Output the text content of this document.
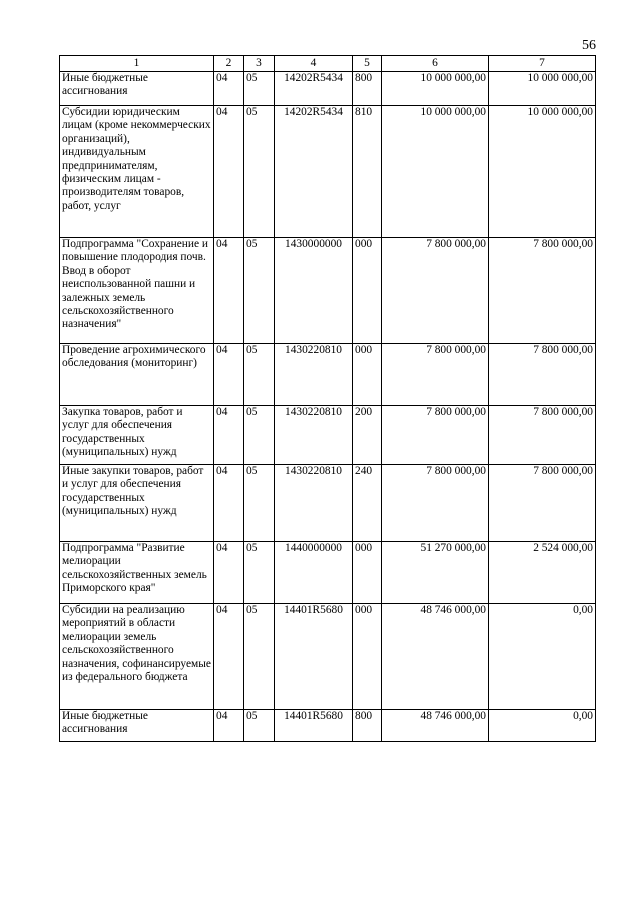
56
1	2	3	4	5	6	7
Иные бюджетные ассигнования	04	05	14202R5434	800	10 000 000,00	10 000 000,00
Субсидии юридическим лицам (кроме некоммерческих организаций), индивидуальным предпринимателям, физическим лицам - производителям товаров, работ, услуг	04	05	14202R5434	810	10 000 000,00	10 000 000,00
Подпрограмма "Сохранение и повышение плодородия почв. Ввод в оборот неиспользованной пашни и залежных земель сельскохозяйственного назначения"	04	05	1430000000	000	7 800 000,00	7 800 000,00
Проведение агрохимического обследования (мониторинг)	04	05	1430220810	000	7 800 000,00	7 800 000,00
Закупка товаров, работ и услуг для обеспечения государственных (муниципальных) нужд	04	05	1430220810	200	7 800 000,00	7 800 000,00
Иные закупки товаров, работ и услуг для обеспечения государственных (муниципальных) нужд	04	05	1430220810	240	7 800 000,00	7 800 000,00
Подпрограмма "Развитие мелиорации сельскохозяйственных земель Приморского края"	04	05	1440000000	000	51 270 000,00	2 524 000,00
Субсидии на реализацию мероприятий в области мелиорации земель сельскохозяйственного назначения, софинансируемые из федерального бюджета	04	05	14401R5680	000	48 746 000,00	0,00
Иные бюджетные ассигнования	04	05	14401R5680	800	48 746 000,00	0,00
